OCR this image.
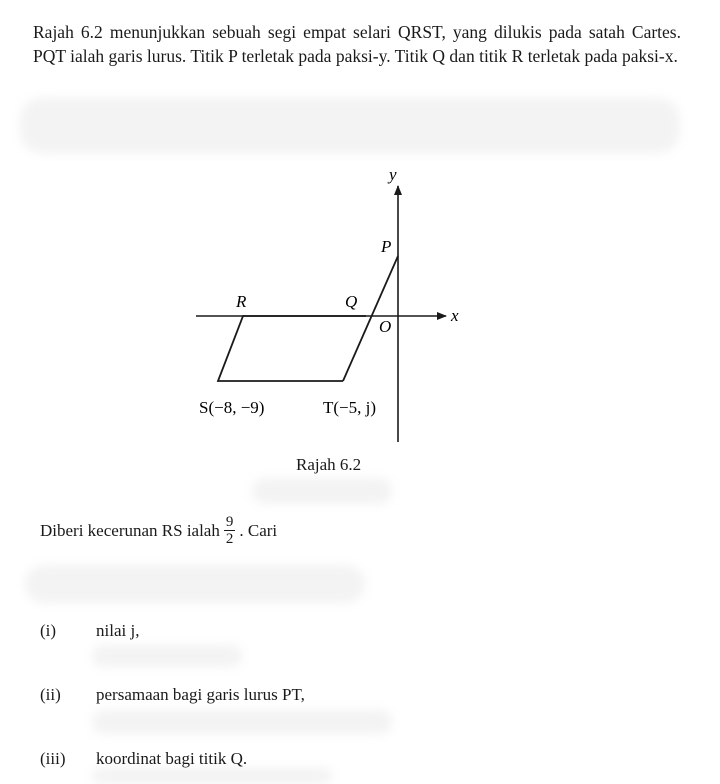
Rajah 6.2 menunjukkan sebuah segi empat selari QRST, yang dilukis pada satah Cartes. PQT ialah garis lurus. Titik P terletak pada paksi-y. Titik Q dan titik R terletak pada paksi-x.
y
x
O
P
Q
R
S(−8, −9)	T(−5, j)
Rajah 6.2
Diberi kecerunan RS ialah $\frac{9}{2}$ . Cari
(i) nilai j,
(ii) persamaan bagi garis lurus PT,
(iii) koordinat bagi titik Q.
